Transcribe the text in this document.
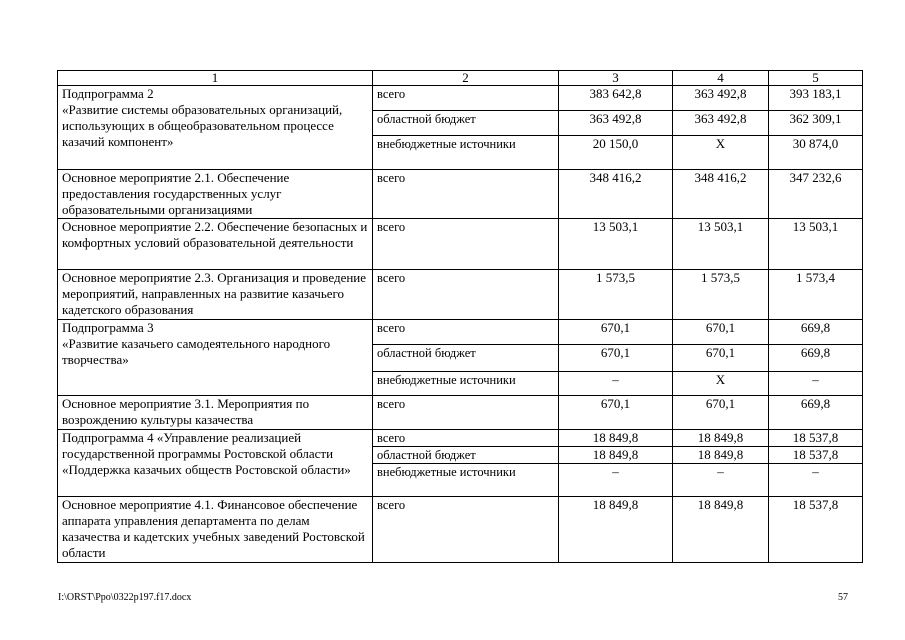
1	2	3	4	5
Подпрограмма 2
«Развитие системы образовательных организаций, использующих в общеобразовательном процессе казачий компонент»	всего	383 642,8	363 492,8	393 183,1
	областной бюджет	363 492,8	363 492,8	362 309,1
	внебюджетные источники	20 150,0	Х	30 874,0
Основное мероприятие 2.1. Обеспечение предоставления государственных услуг образовательными организациями	всего	348 416,2	348 416,2	347 232,6
Основное мероприятие 2.2. Обеспечение безопасных и комфортных условий образовательной деятельности	всего	13 503,1	13 503,1	13 503,1
Основное мероприятие 2.3. Организация и проведение мероприятий, направленных на развитие казачьего кадетского образования	всего	1 573,5	1 573,5	1 573,4
Подпрограмма 3
«Развитие казачьего самодеятельного народного творчества»	всего	670,1	670,1	669,8
	областной бюджет	670,1	670,1	669,8
	внебюджетные источники	–	Х	–
Основное мероприятие 3.1. Мероприятия по возрождению культуры казачества	всего	670,1	670,1	669,8
Подпрограмма 4 «Управление реализацией государственной программы Ростовской области «Поддержка казачьих обществ Ростовской области»	всего	18 849,8	18 849,8	18 537,8
	областной бюджет	18 849,8	18 849,8	18 537,8
	внебюджетные источники	–	–	–
Основное мероприятие 4.1. Финансовое обеспечение аппарата управления департамента по делам казачества и кадетских учебных заведений Ростовской области	всего	18 849,8	18 849,8	18 537,8
I:\ORST\Ppo\0322p197.f17.docx	57
